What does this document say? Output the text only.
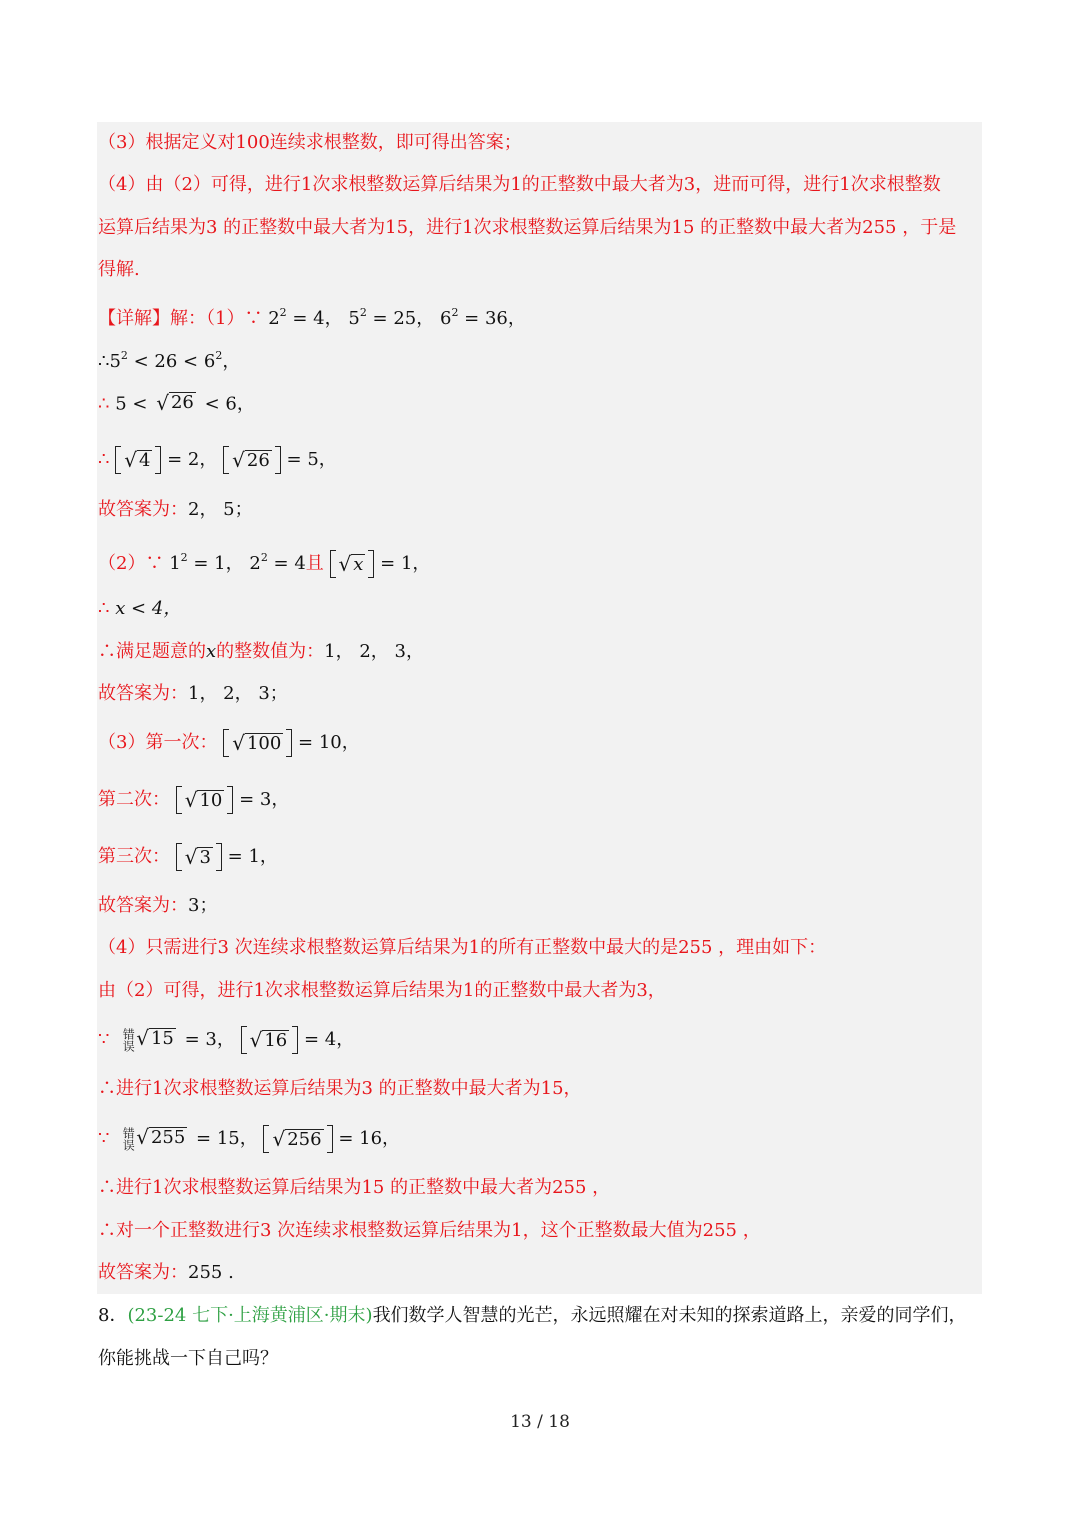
（3）根据定义对100连续求根整数，即可得出答案；
（4）由（2）可得，进行1次求根整数运算后结果为1的正整数中最大者为3，进而可得，进行1次求根整数
运算后结果为3 的正整数中最大者为15，进行1次求根整数运算后结果为15 的正整数中最大者为255 ，于是
得解.
【详解】解：（1）∵ $2^2 = 4$， $5^2 = 25$， $6^2 = 36$，
$\therefore 5^2 < 26 < 6^2$，
∴ 5 < √ 26 < 6，
∴ √ 4 = 2， √ 26 = 5，
故答案为：2， 5；
（2）∵ $1^2 = 1$， $2^2 = 4$且 √ x = 1，
∴ x < 4，
∴满足题意的x的整数值为：1， 2， 3，
故答案为：1， 2， 3；
（3）第一次： √ 100 = 10，
第二次： √ 10 = 3，
第三次： √ 3 = 1，
故答案为：3；
（4）只需进行3 次连续求根整数运算后结果为1的所有正整数中最大的是255 ，理由如下：
由（2）可得，进行1次求根整数运算后结果为1的正整数中最大者为3，
∵ 错误 √ 15 = 3， √ 16 = 4，
∴进行1次求根整数运算后结果为3 的正整数中最大者为15，
∵ 错误 √ 255 = 15， √ 256 = 16，
∴进行1次求根整数运算后结果为15 的正整数中最大者为255 ，
∴对一个正整数进行3 次连续求根整数运算后结果为1，这个正整数最大值为255 ，
故答案为：255 .
8．(23-24 七下·上海黄浦区·期末)我们数学人智慧的光芒，永远照耀在对未知的探索道路上，亲爱的同学们，
你能挑战一下自己吗？
13 / 18
